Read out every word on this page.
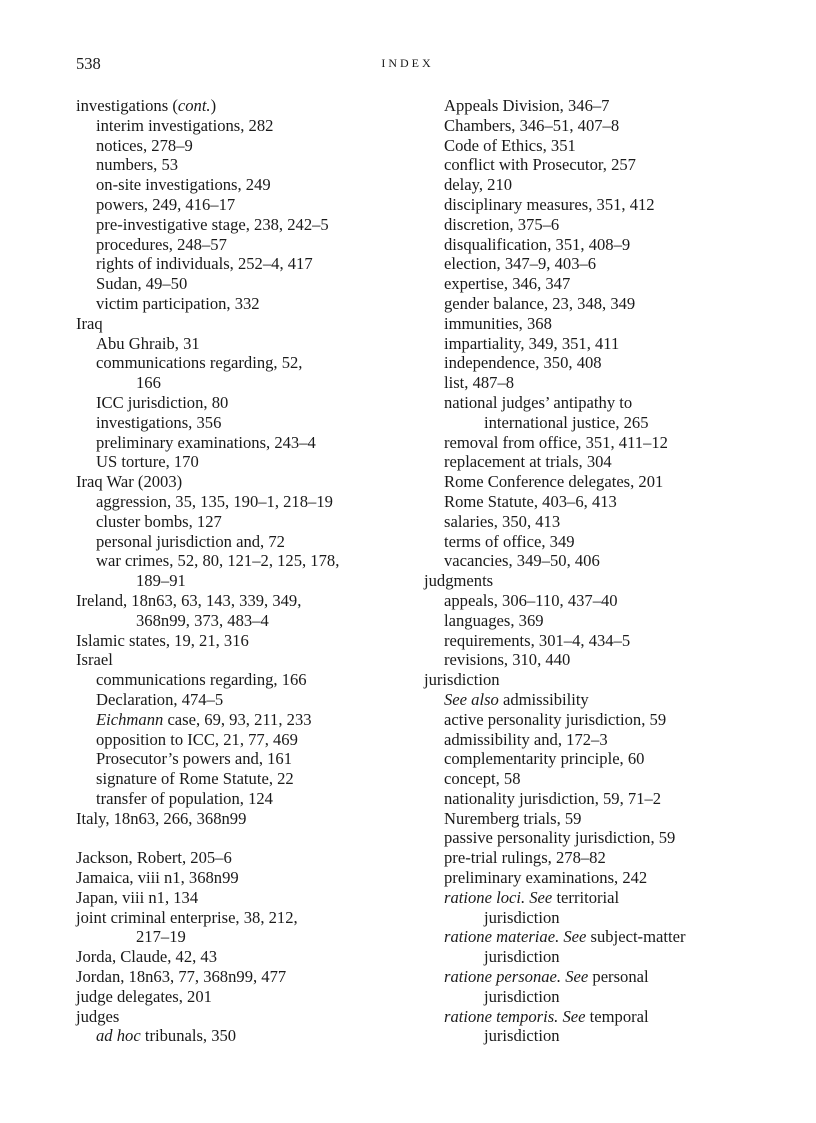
538	INDEX
investigations (cont.)
interim investigations, 282
notices, 278–9
numbers, 53
on-site investigations, 249
powers, 249, 416–17
pre-investigative stage, 238, 242–5
procedures, 248–57
rights of individuals, 252–4, 417
Sudan, 49–50
victim participation, 332
Iraq
Abu Ghraib, 31
communications regarding, 52,
166
ICC jurisdiction, 80
investigations, 356
preliminary examinations, 243–4
US torture, 170
Iraq War (2003)
aggression, 35, 135, 190–1, 218–19
cluster bombs, 127
personal jurisdiction and, 72
war crimes, 52, 80, 121–2, 125, 178,
189–91
Ireland, 18n63, 63, 143, 339, 349,
368n99, 373, 483–4
Islamic states, 19, 21, 316
Israel
communications regarding, 166
Declaration, 474–5
Eichmann case, 69, 93, 211, 233
opposition to ICC, 21, 77, 469
Prosecutor’s powers and, 161
signature of Rome Statute, 22
transfer of population, 124
Italy, 18n63, 266, 368n99
Jackson, Robert, 205–6
Jamaica, viii n1, 368n99
Japan, viii n1, 134
joint criminal enterprise, 38, 212,
217–19
Jorda, Claude, 42, 43
Jordan, 18n63, 77, 368n99, 477
judge delegates, 201
judges
ad hoc tribunals, 350
Appeals Division, 346–7
Chambers, 346–51, 407–8
Code of Ethics, 351
conflict with Prosecutor, 257
delay, 210
disciplinary measures, 351, 412
discretion, 375–6
disqualification, 351, 408–9
election, 347–9, 403–6
expertise, 346, 347
gender balance, 23, 348, 349
immunities, 368
impartiality, 349, 351, 411
independence, 350, 408
list, 487–8
national judges’ antipathy to
international justice, 265
removal from office, 351, 411–12
replacement at trials, 304
Rome Conference delegates, 201
Rome Statute, 403–6, 413
salaries, 350, 413
terms of office, 349
vacancies, 349–50, 406
judgments
appeals, 306–110, 437–40
languages, 369
requirements, 301–4, 434–5
revisions, 310, 440
jurisdiction
See also admissibility
active personality jurisdiction, 59
admissibility and, 172–3
complementarity principle, 60
concept, 58
nationality jurisdiction, 59, 71–2
Nuremberg trials, 59
passive personality jurisdiction, 59
pre-trial rulings, 278–82
preliminary examinations, 242
ratione loci. See territorial
jurisdiction
ratione materiae. See subject-matter
jurisdiction
ratione personae. See personal
jurisdiction
ratione temporis. See temporal
jurisdiction
